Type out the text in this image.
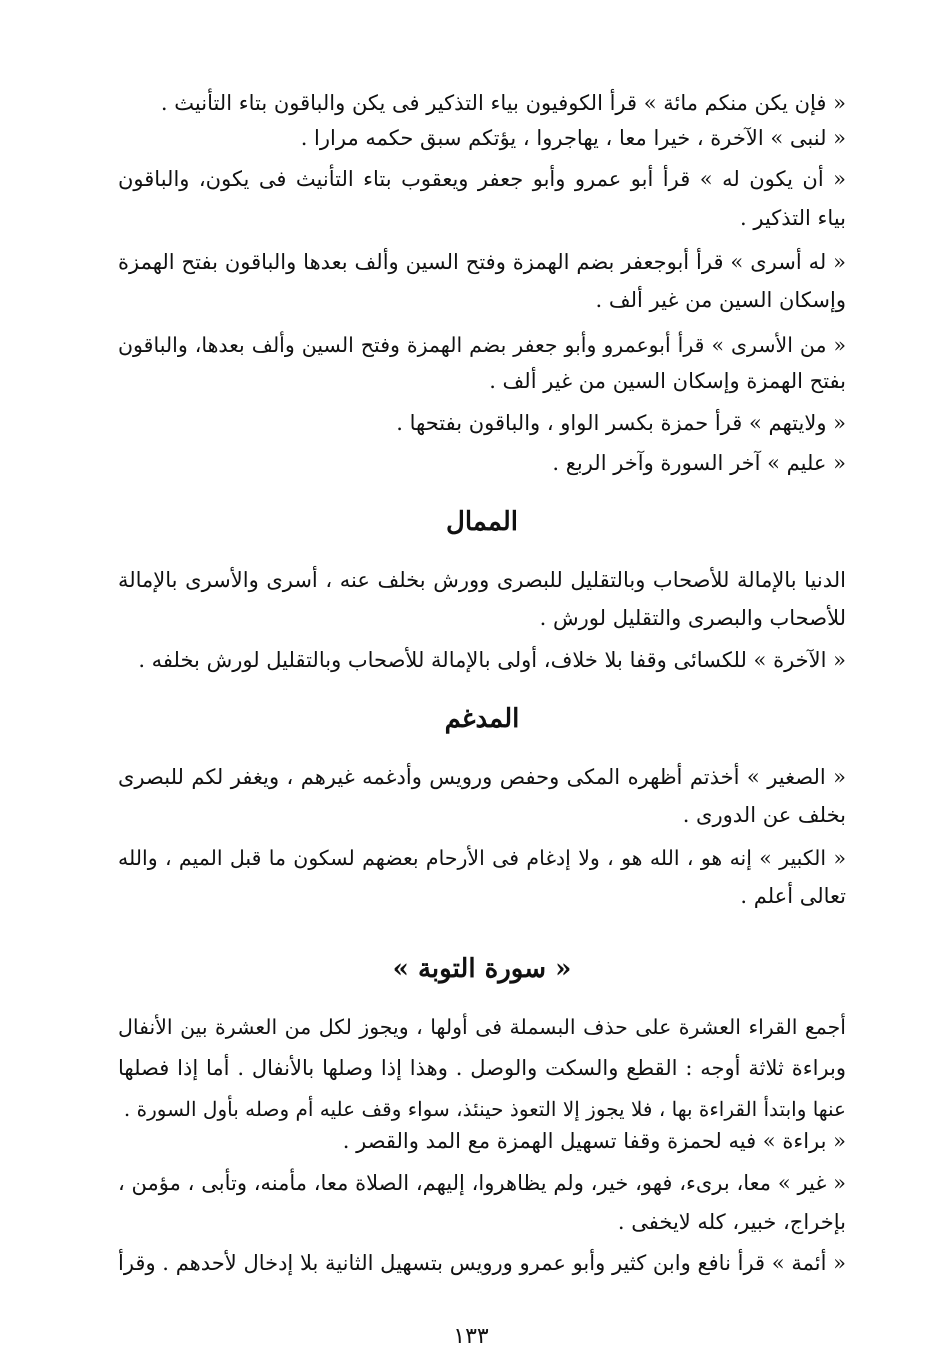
« فإن يكن منكم مائة » قرأ الكوفيون بياء التذكير فى يكن والباقون بتاء التأنيث .
« لنبى » الآخرة ، خيرا معا ، يهاجروا ، يؤتكم سبق حكمه مرارا .
« أن يكون له » قرأ أبو عمرو وأبو جعفر ويعقوب بتاء التأنيث فى يكون، والباقون
بياء التذكير .
« له أسرى » قرأ أبوجعفر بضم الهمزة وفتح السين وألف بعدها والباقون بفتح الهمزة
وإسكان السين من غير ألف .
« من الأسرى » قرأ أبوعمرو وأبو جعفر بضم الهمزة وفتح السين وألف بعدها، والباقون
بفتح الهمزة وإسكان السين من غير ألف .
« ولايتهم » قرأ حمزة بكسر الواو ، والباقون بفتحها .
« عليم » آخر السورة وآخر الربع .
الممال
الدنيا بالإمالة للأصحاب وبالتقليل للبصرى وورش بخلف عنه ، أسرى والأسرى بالإمالة
للأصحاب والبصرى والتقليل لورش .
« الآخرة » للكسائى وقفا بلا خلاف، أولى بالإمالة للأصحاب وبالتقليل لورش بخلفه .
المدغم
« الصغير » أخذتم أظهره المكى وحفص ورويس وأدغمه غيرهم ، ويغفر لكم للبصرى
بخلف عن الدورى .
« الكبير » إنه هو ، الله هو ، ولا إدغام فى الأرحام بعضهم لسكون ما قبل الميم ، والله
تعالى أعلم .
« سورة التوبة »
أجمع القراء العشرة على حذف البسملة فى أولها ، ويجوز لكل من العشرة بين الأنفال
وبراءة ثلاثة أوجه : القطع والسكت والوصل . وهذا إذا وصلها بالأنفال . أما إذا فصلها
عنها وابتدأ القراءة بها ، فلا يجوز إلا التعوذ حينئذ، سواء وقف عليه أم وصله بأول السورة .
« براءة » فيه لحمزة وقفا تسهيل الهمزة مع المد والقصر .
« غير » معا، برىء، فهو، خير، ولم يظاهروا، إليهم، الصلاة معا، مأمنه، وتأبى ، مؤمن ،
بإخراج، خبير، كله لايخفى .
« أئمة » قرأ نافع وابن كثير وأبو عمرو ورويس بتسهيل الثانية بلا إدخال لأحدهم . وقرأ
١٣٣
